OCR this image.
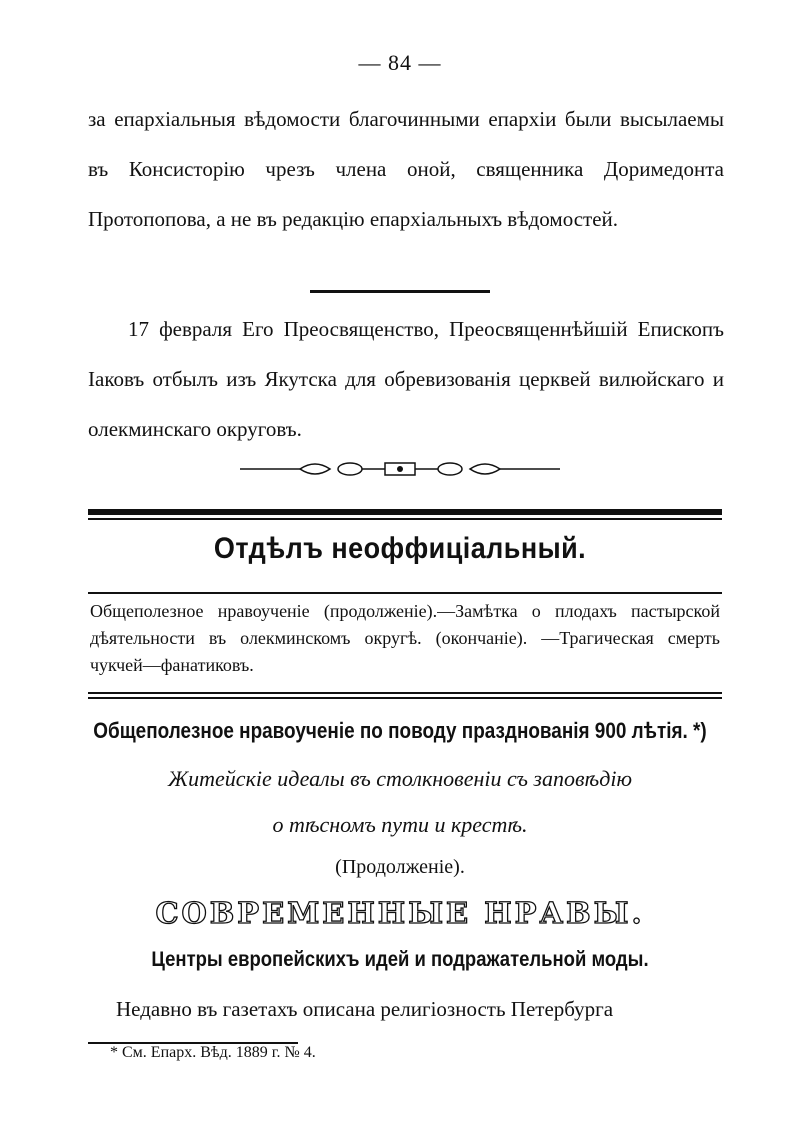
— 84 —
за епархіальныя вѣдомости благочинными епархіи были высылаемы въ Консисторію чрезъ члена оной, священника Доримедонта Протопопова, а не въ редакцію епархіальныхъ вѣдомостей.
17 февраля Его Преосвященство, Преосвященнѣйшій Епископъ Іаковъ отбылъ изъ Якутска для обревизованія церквей вилюйскаго и олекминскаго округовъ.
Отдѣлъ неоффиціальный.
Общеполезное нравоученіе (продолженіе).—Замѣтка о плодахъ пастырской дѣятельности въ олекминскомъ округѣ. (окончаніе). —Трагическая смерть чукчей—фанатиковъ.
Общеполезное нравоученіе по поводу празднованія 900 лѣтія. *)
Житейскіе идеалы въ столкновеніи съ заповѣдію
о тѣсномъ пути и крестѣ.
(Продолженіе).
СОВРЕМЕННЫЕ НРАВЫ.
Центры европейскихъ идей и подражательной моды.
Недавно въ газетахъ описана религіозность Петербурга
* См. Епарх. Вѣд. 1889 г. № 4.
